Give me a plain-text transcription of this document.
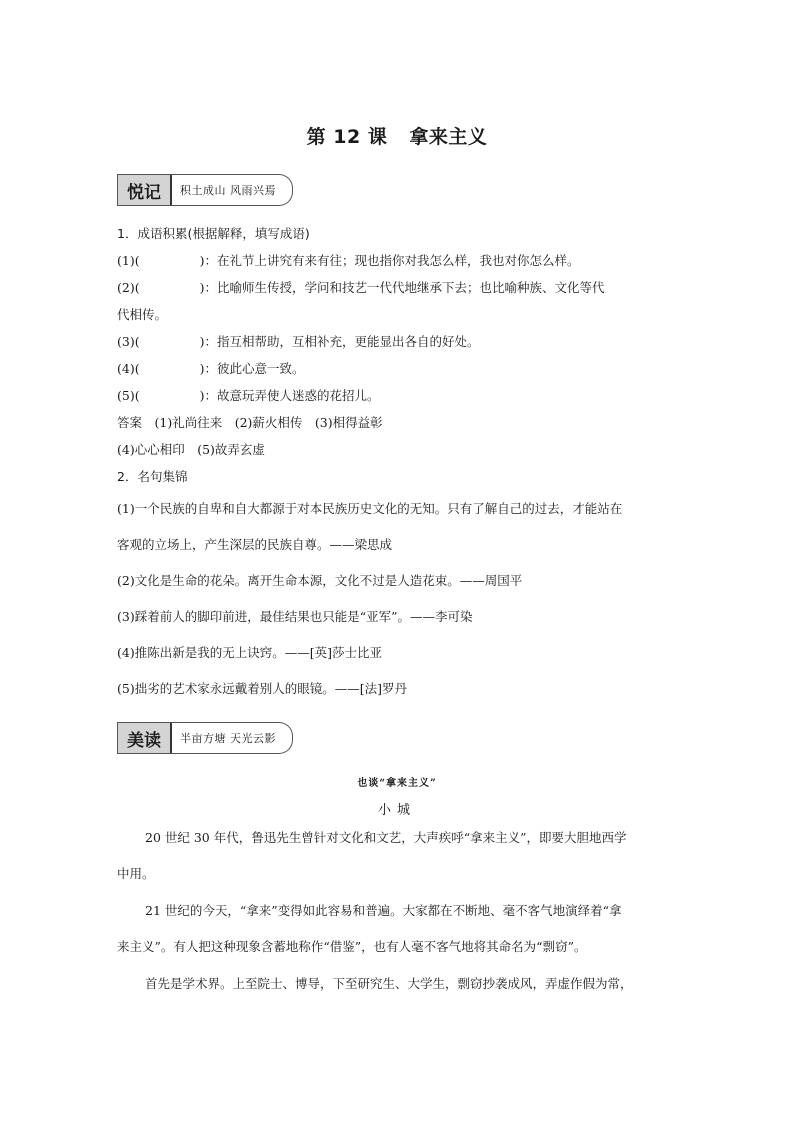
第 12 课 拿来主义
悦记	积土成山 风雨兴焉
1．成语积累(根据解释，填写成语)
(1)(	)：在礼节上讲究有来有往；现也指你对我怎么样，我也对你怎么样。
(2)(	)：比喻师生传授，学问和技艺一代代地继承下去；也比喻种族、文化等代
代相传。
(3)(	)：指互相帮助，互相补充，更能显出各自的好处。
(4)(	)：彼此心意一致。
(5)(	)：故意玩弄使人迷惑的花招儿。
答案　(1)礼尚往来　(2)薪火相传　(3)相得益彰
(4)心心相印　(5)故弄玄虚
2．名句集锦
(1)一个民族的自卑和自大都源于对本民族历史文化的无知。只有了解自己的过去，才能站在
客观的立场上，产生深层的民族自尊。——梁思成
(2)文化是生命的花朵。离开生命本源，文化不过是人造花束。——周国平
(3)踩着前人的脚印前进，最佳结果也只能是“亚军”。——李可染
(4)推陈出新是我的无上诀窍。——[英]莎士比亚
(5)拙劣的艺术家永远戴着别人的眼镜。——[法]罗丹
美读	半亩方塘 天光云影
也谈“拿来主义”
小城
20 世纪 30 年代，鲁迅先生曾针对文化和文艺，大声疾呼“拿来主义”，即要大胆地西学
中用。
21 世纪的今天，“拿来”变得如此容易和普遍。大家都在不断地、毫不客气地演绎着“拿
来主义”。有人把这种现象含蓄地称作“借鉴”，也有人毫不客气地将其命名为“剽窃”。
首先是学术界。上至院士、博导，下至研究生、大学生，剽窃抄袭成风，弄虚作假为常，
